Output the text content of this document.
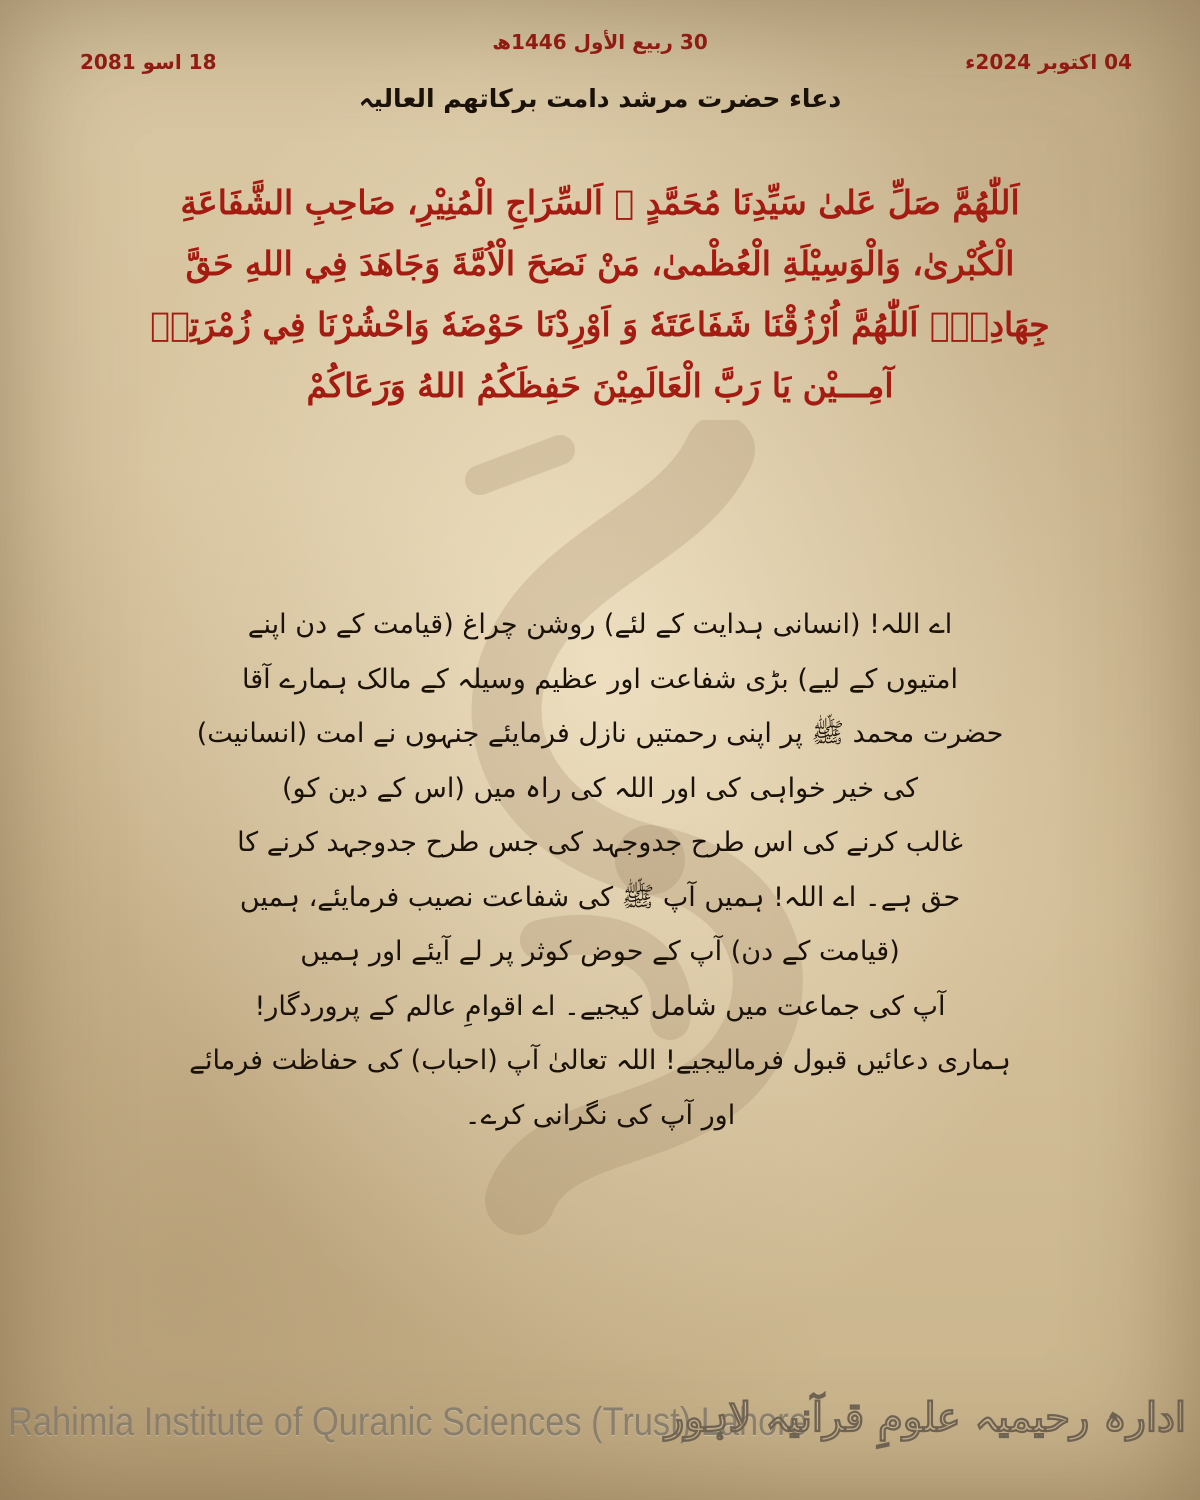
18 اسو 2081
30 ربیع الأول 1446ھ
04 اکتوبر 2024ء
دعاء حضرت مرشد دامت برکاتھم العالیہ

اَللّٰهُمَّ صَلِّ عَلىٰ سَيِّدِنَا مُحَمَّدٍ ﷺ اَلسِّرَاجِ الْمُنِيْرِ، صَاحِبِ الشَّفَاعَةِ الْكُبْرىٰ، وَالْوَسِيْلَةِ الْعُظْمىٰ، مَنْ نَصَحَ الْاُمَّةَ وَجَاهَدَ فِي اللهِ حَقَّ جِهَادِهٖ۔ اَللّٰهُمَّ اُرْزُقْنَا شَفَاعَتَهٗ وَ اَوْرِدْنَا حَوْضَهٗ وَاحْشُرْنَا فِي زُمْرَتِهٖ آمِـــيْن يَا رَبَّ الْعَالَمِيْنَ حَفِظَكُمُ اللهُ وَرَعَاكُمْ

اے اللہ! (انسانی ہدایت کے لئے) روشن چراغ (قیامت کے دن اپنے
امتیوں کے لیے) بڑی شفاعت اور عظیم وسیلہ کے مالک ہمارے آقا
حضرت محمد ﷺ پر اپنی رحمتیں نازل فرمایئے جنہوں نے امت (انسانیت)
کی خیر خواہی کی اور اللہ کی راہ میں (اس کے دین کو)
غالب کرنے کی اس طرح جدوجہد کی جس طرح جدوجہد کرنے کا
حق ہے۔ اے اللہ! ہمیں آپ ﷺ کی شفاعت نصیب فرمایئے، ہمیں
(قیامت کے دن) آپ کے حوض کوثر پر لے آیئے اور ہمیں
آپ کی جماعت میں شامل کیجیے۔ اے اقوامِ عالم کے پروردگار!
ہماری دعائیں قبول فرمالیجیے! اللہ تعالیٰ آپ (احباب) کی حفاظت فرمائے
اور آپ کی نگرانی کرے۔
Rahimia Institute of Quranic Sciences (Trust) Lahore
ادارہ رحیمیہ علومِ قرآنیہ لاہور
